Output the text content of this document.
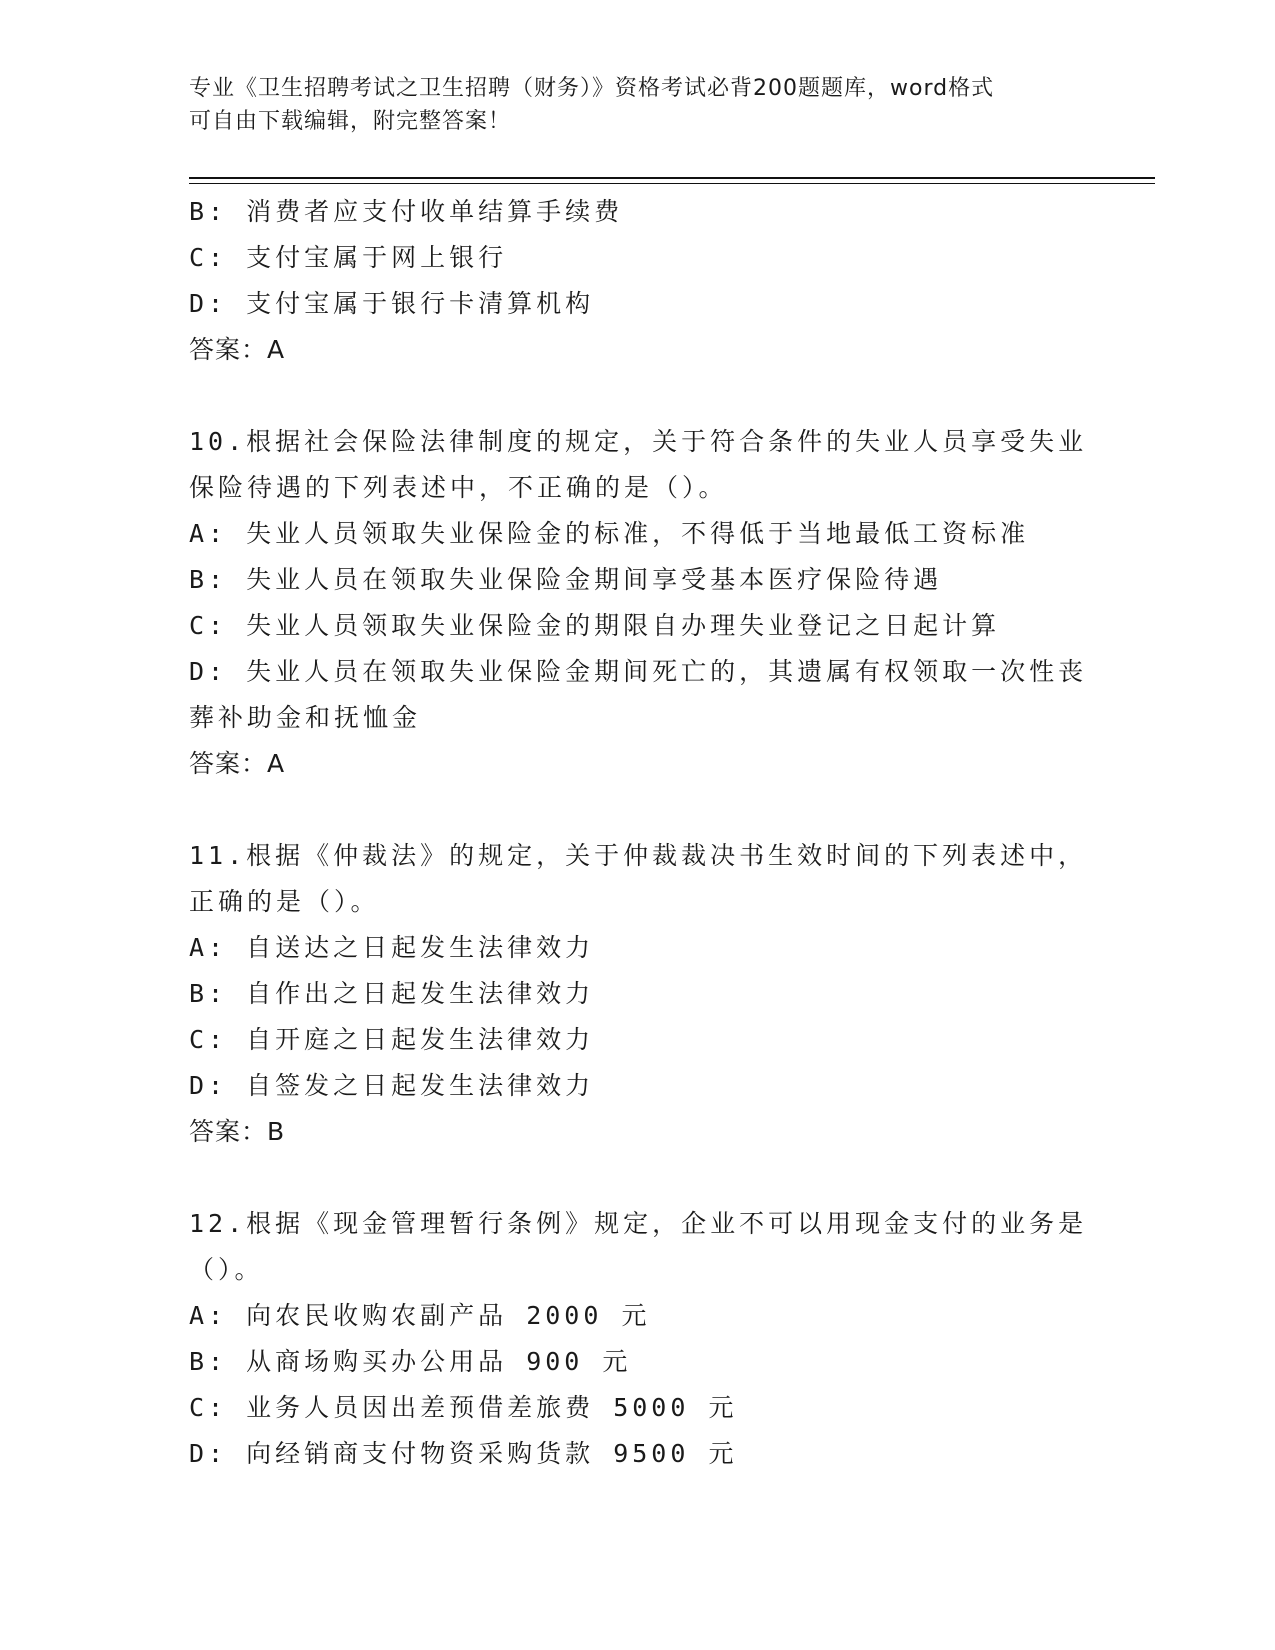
专业《卫生招聘考试之卫生招聘（财务）》资格考试必背200题题库，word格式
可自由下载编辑，附完整答案！
B: 消费者应支付收单结算手续费
C: 支付宝属于网上银行
D: 支付宝属于银行卡清算机构
答案：A
10.根据社会保险法律制度的规定，关于符合条件的失业人员享受失业
保险待遇的下列表述中，不正确的是（）。
A: 失业人员领取失业保险金的标准，不得低于当地最低工资标准
B: 失业人员在领取失业保险金期间享受基本医疗保险待遇
C: 失业人员领取失业保险金的期限自办理失业登记之日起计算
D: 失业人员在领取失业保险金期间死亡的，其遗属有权领取一次性丧
葬补助金和抚恤金
答案：A
11.根据《仲裁法》的规定，关于仲裁裁决书生效时间的下列表述中，
正确的是（）。
A: 自送达之日起发生法律效力
B: 自作出之日起发生法律效力
C: 自开庭之日起发生法律效力
D: 自签发之日起发生法律效力
答案：B
12.根据《现金管理暂行条例》规定，企业不可以用现金支付的业务是
（）。
A: 向农民收购农副产品 2000 元
B: 从商场购买办公用品 900 元
C: 业务人员因出差预借差旅费 5000 元
D: 向经销商支付物资采购货款 9500 元
